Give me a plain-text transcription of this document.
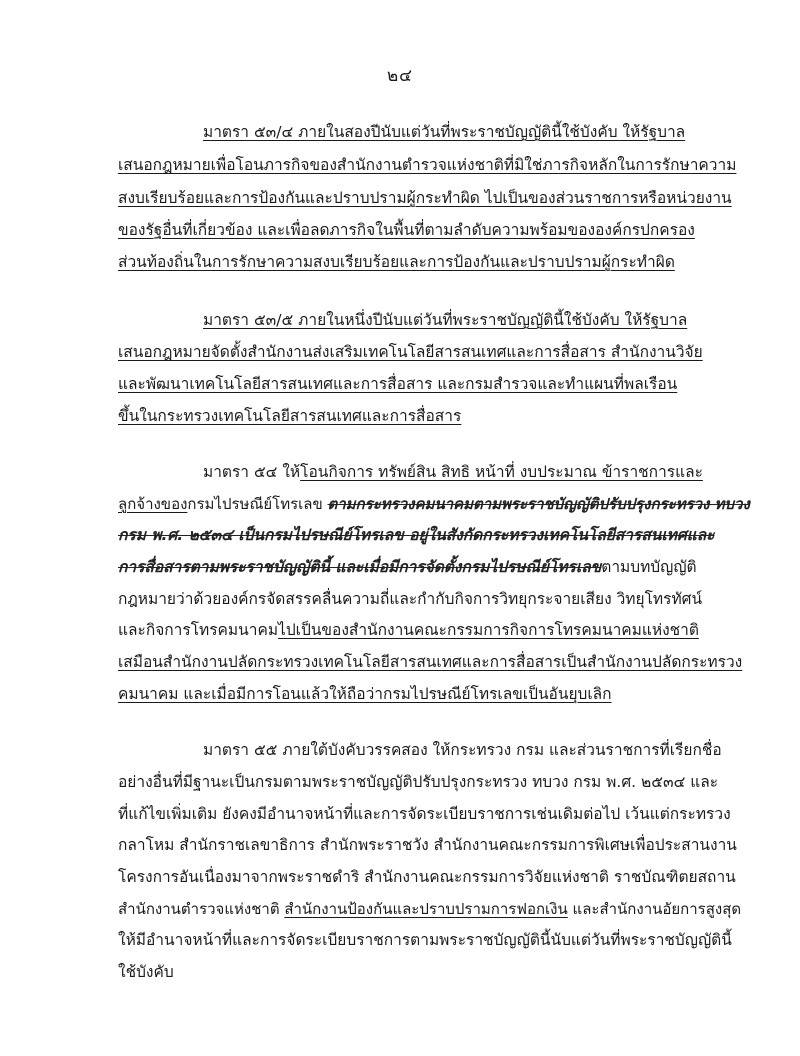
๒๔
มาตรา ๕๓/๔ ภายในสองปีนับแต่วันที่พระราชบัญญัตินี้ใช้บังคับ ให้รัฐบาล
เสนอกฎหมายเพื่อโอนภารกิจของสำนักงานตำรวจแห่งชาติที่มิใช่ภารกิจหลักในการรักษาความ
สงบเรียบร้อยและการป้องกันและปราบปรามผู้กระทำผิด ไปเป็นของส่วนราชการหรือหน่วยงาน
ของรัฐอื่นที่เกี่ยวข้อง และเพื่อลดภารกิจในพื้นที่ตามลำดับความพร้อมขององค์กรปกครอง
ส่วนท้องถิ่นในการรักษาความสงบเรียบร้อยและการป้องกันและปราบปรามผู้กระทำผิด
มาตรา ๕๓/๕ ภายในหนึ่งปีนับแต่วันที่พระราชบัญญัตินี้ใช้บังคับ ให้รัฐบาล
เสนอกฎหมายจัดตั้งสำนักงานส่งเสริมเทคโนโลยีสารสนเทศและการสื่อสาร สำนักงานวิจัย
และพัฒนาเทคโนโลยีสารสนเทศและการสื่อสาร และกรมสำรวจและทำแผนที่พลเรือน
ขึ้นในกระทรวงเทคโนโลยีสารสนเทศและการสื่อสาร
มาตรา ๕๔ ให้โอนกิจการ ทรัพย์สิน สิทธิ หน้าที่ งบประมาณ ข้าราชการและ
ลูกจ้างของกรมไปรษณีย์โทรเลข ตามกระทรวงคมนาคมตามพระราชบัญญัติปรับปรุงกระทรวง ทบวง
กรม พ.ศ. ๒๕๓๔ เป็นกรมไปรษณีย์โทรเลข อยู่ในสังกัดกระทรวงเทคโนโลยีสารสนเทศและ
การสื่อสารตามพระราชบัญญัตินี้ และเมื่อมีการจัดตั้งกรมไปรษณีย์โทรเลขตามบทบัญญัติ
กฎหมายว่าด้วยองค์กรจัดสรรคลื่นความถี่และกำกับกิจการวิทยุกระจายเสียง วิทยุโทรทัศน์
และกิจการโทรคมนาคมไปเป็นของสำนักงานคณะกรรมการกิจการโทรคมนาคมแห่งชาติ
เสมือนสำนักงานปลัดกระทรวงเทคโนโลยีสารสนเทศและการสื่อสารเป็นสำนักงานปลัดกระทรวง
คมนาคม และเมื่อมีการโอนแล้วให้ถือว่ากรมไปรษณีย์โทรเลขเป็นอันยุบเลิก
มาตรา ๕๕ ภายใต้บังคับวรรคสอง ให้กระทรวง กรม และส่วนราชการที่เรียกชื่อ
อย่างอื่นที่มีฐานะเป็นกรมตามพระราชบัญญัติปรับปรุงกระทรวง ทบวง กรม พ.ศ. ๒๕๓๔ และ
ที่แก้ไขเพิ่มเติม ยังคงมีอำนาจหน้าที่และการจัดระเบียบราชการเช่นเดิมต่อไป เว้นแต่กระทรวง
กลาโหม สำนักราชเลขาธิการ สำนักพระราชวัง สำนักงานคณะกรรมการพิเศษเพื่อประสานงาน
โครงการอันเนื่องมาจากพระราชดำริ สำนักงานคณะกรรมการวิจัยแห่งชาติ ราชบัณฑิตยสถาน
สำนักงานตำรวจแห่งชาติ สำนักงานป้องกันและปราบปรามการฟอกเงิน และสำนักงานอัยการสูงสุด
ให้มีอำนาจหน้าที่และการจัดระเบียบราชการตามพระราชบัญญัตินี้นับแต่วันที่พระราชบัญญัตินี้
ใช้บังคับ
